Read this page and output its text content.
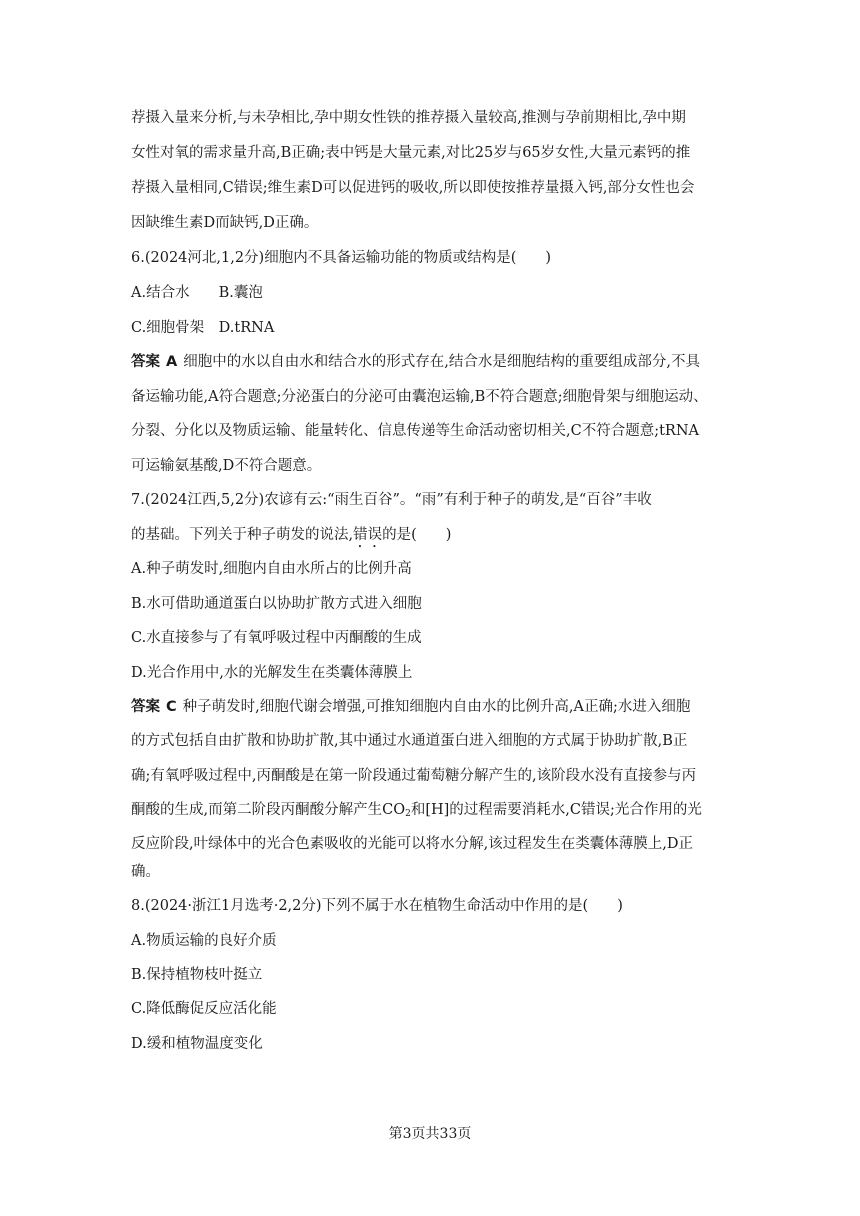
荐摄入量来分析,与未孕相比,孕中期女性铁的推荐摄入量较高,推测与孕前期相比,孕中期
女性对氧的需求量升高,B正确;表中钙是大量元素,对比25岁与65岁女性,大量元素钙的推
荐摄入量相同,C错误;维生素D可以促进钙的吸收,所以即使按推荐量摄入钙,部分女性也会
因缺维生素D而缺钙,D正确。
6.(2024河北,1,2分)细胞内不具备运输功能的物质或结构是(　　)
A.结合水　　B.囊泡
C.细胞骨架　D.tRNA
答案 A 细胞中的水以自由水和结合水的形式存在,结合水是细胞结构的重要组成部分,不具
备运输功能,A符合题意;分泌蛋白的分泌可由囊泡运输,B不符合题意;细胞骨架与细胞运动、
分裂、分化以及物质运输、能量转化、信息传递等生命活动密切相关,C不符合题意;tRNA
可运输氨基酸,D不符合题意。
7.(2024江西,5,2分)农谚有云:“雨生百谷”。“雨”有利于种子的萌发,是“百谷”丰收
的基础。下列关于种子萌发的说法,错误的是(　　)
A.种子萌发时,细胞内自由水所占的比例升高
B.水可借助通道蛋白以协助扩散方式进入细胞
C.水直接参与了有氧呼吸过程中丙酮酸的生成
D.光合作用中,水的光解发生在类囊体薄膜上
答案 C 种子萌发时,细胞代谢会增强,可推知细胞内自由水的比例升高,A正确;水进入细胞
的方式包括自由扩散和协助扩散,其中通过水通道蛋白进入细胞的方式属于协助扩散,B正
确;有氧呼吸过程中,丙酮酸是在第一阶段通过葡萄糖分解产生的,该阶段水没有直接参与丙
酮酸的生成,而第二阶段丙酮酸分解产生$CO_2$和[H]的过程需要消耗水,C错误;光合作用的光
反应阶段,叶绿体中的光合色素吸收的光能可以将水分解,该过程发生在类囊体薄膜上,D正
确。
8.(2024·浙江1月选考·2,2分)下列不属于水在植物生命活动中作用的是(　　)
A.物质运输的良好介质
B.保持植物枝叶挺立
C.降低酶促反应活化能
D.缓和植物温度变化
第3页共33页
